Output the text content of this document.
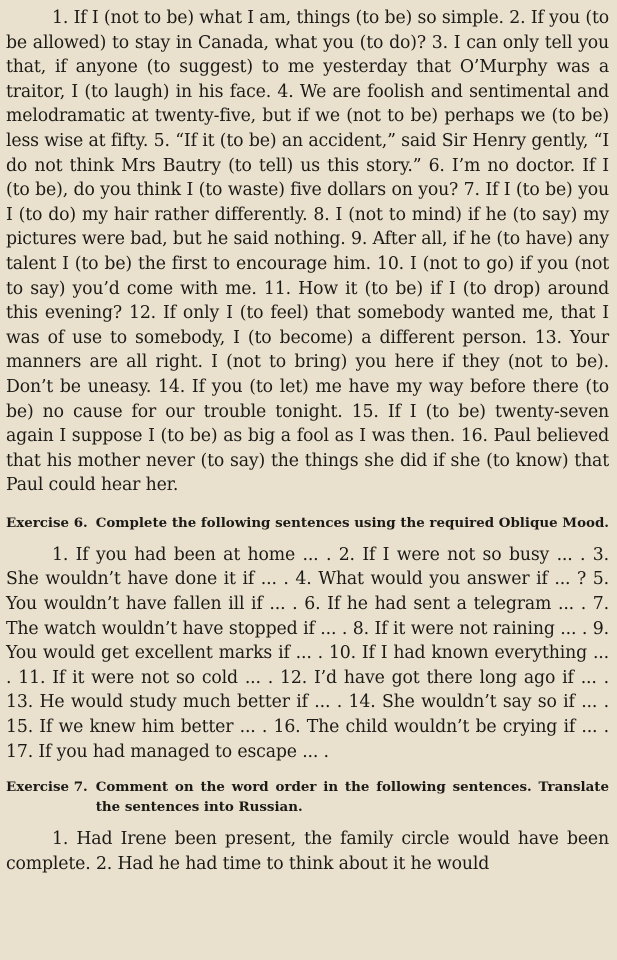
1. If I (not to be) what I am, things (to be) so simple. 2. If you (to be allowed) to stay in Canada, what you (to do)? 3. I can only tell you that, if anyone (to suggest) to me yesterday that O’Murphy was a traitor, I (to laugh) in his face. 4. We are foolish and sentimental and melodramatic at twenty-five, but if we (not to be) perhaps we (to be) less wise at fifty. 5. “If it (to be) an accident,” said Sir Henry gently, “I do not think Mrs Bautry (to tell) us this story.” 6. I’m no doctor. If I (to be), do you think I (to waste) five dollars on you? 7. If I (to be) you I (to do) my hair rather differently. 8. I (not to mind) if he (to say) my pictures were bad, but he said nothing. 9. After all, if he (to have) any talent I (to be) the first to encourage him. 10. I (not to go) if you (not to say) you’d come with me. 11. How it (to be) if I (to drop) around this evening? 12. If only I (to feel) that somebody wanted me, that I was of use to somebody, I (to become) a different person. 13. Your manners are all right. I (not to bring) you here if they (not to be). Don’t be uneasy. 14. If you (to let) me have my way before there (to be) no cause for our trouble tonight. 15. If I (to be) twenty-seven again I suppose I (to be) as big a fool as I was then. 16. Paul believed that his mother never (to say) the things she did if she (to know) that Paul could hear her.

Exercise 6. Complete the following sentences using the required Oblique Mood.

1. If you had been at home ... . 2. If I were not so busy ... . 3. She wouldn’t have done it if ... . 4. What would you answer if ... ? 5. You wouldn’t have fallen ill if ... . 6. If he had sent a telegram ... . 7. The watch wouldn’t have stopped if ... . 8. If it were not raining ... . 9. You would get excellent marks if ... . 10. If I had known everything ... . 11. If it were not so cold ... . 12. I’d have got there long ago if ... . 13. He would study much better if ... . 14. She wouldn’t say so if ... . 15. If we knew him better ... . 16. The child wouldn’t be crying if ... . 17. If you had managed to escape ... .

Exercise 7. Comment on the word order in the following sentences. Translate the sentences into Russian.

1. Had Irene been present, the family circle would have been complete. 2. Had he had time to think about it he would
